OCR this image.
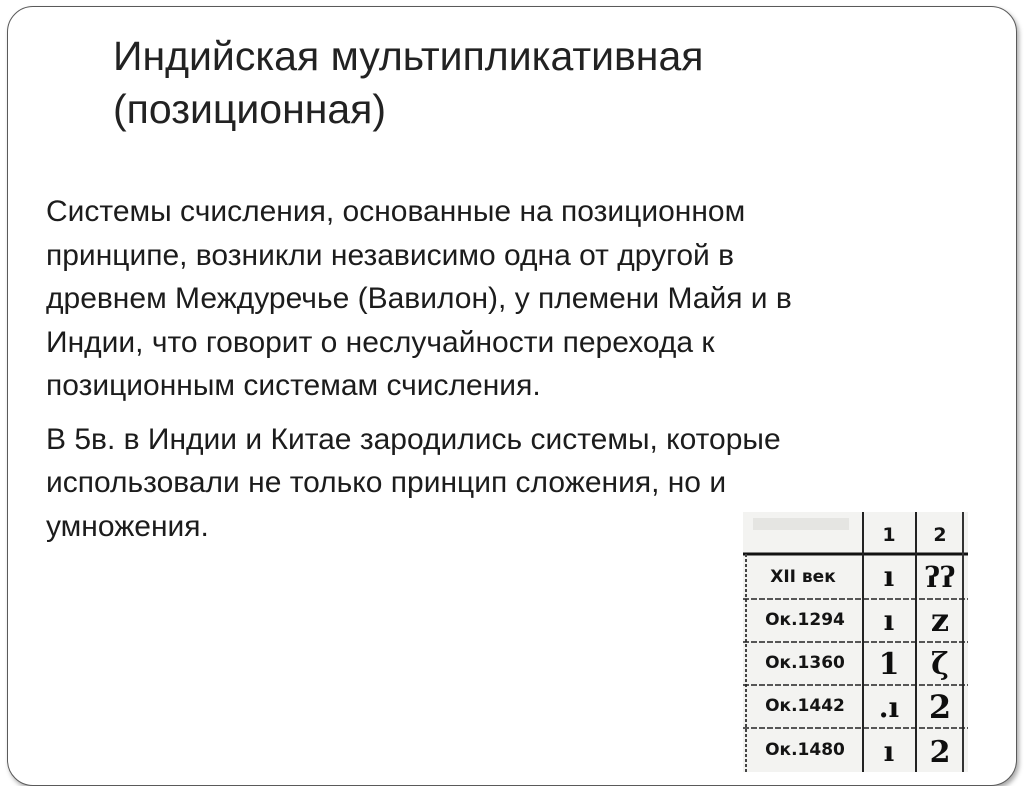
Индийская мультипликативная
(позиционная)
Системы счисления, основанные на позиционном
принципе, возникли независимо одна от другой в
древнем Междуречье (Вавилон), у племени Майя и в
Индии, что говорит о неслучайности перехода к
позиционным системам счисления.
В 5в. в Индии и Китае зародились системы, которые
использовали не только принцип сложения, но и
умножения.	1 2
XII век
Ок.1294
Ок.1360
Ок.1442
Ок.1480
ı
ı
1
.ı
ı
ʔʔ
z
ζ
2
2
